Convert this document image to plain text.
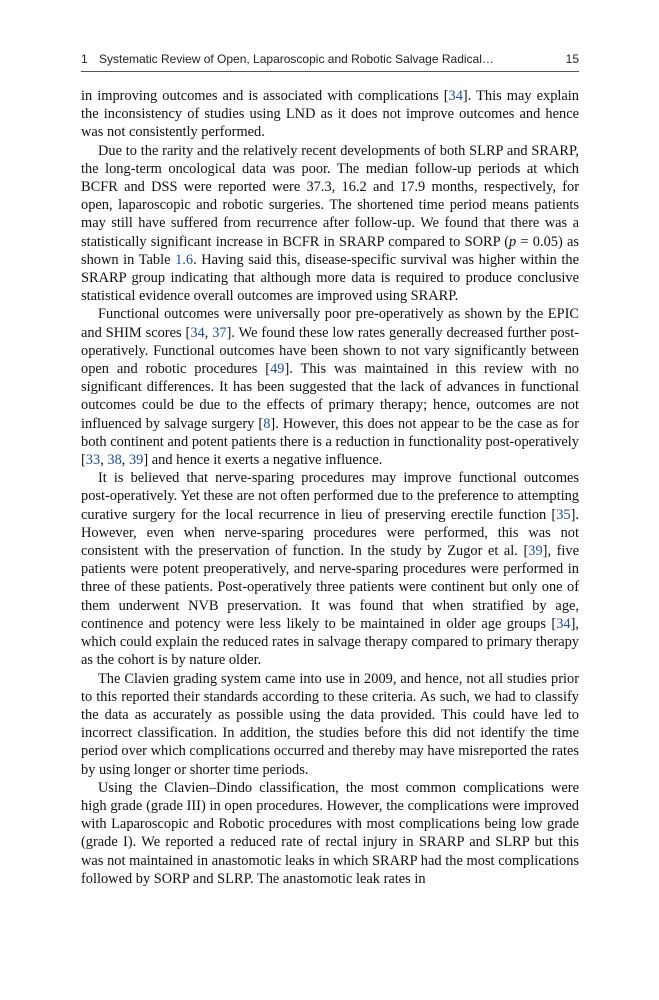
1 Systematic Review of Open, Laparoscopic and Robotic Salvage Radical…	15

in improving outcomes and is associated with complications [34]. This may explain the inconsistency of studies using LND as it does not improve outcomes and hence was not consistently performed.

Due to the rarity and the relatively recent developments of both SLRP and SRARP, the long-term oncological data was poor. The median follow-up periods at which BCFR and DSS were reported were 37.3, 16.2 and 17.9 months, respectively, for open, laparoscopic and robotic surgeries. The shortened time period means patients may still have suffered from recurrence after follow-up. We found that there was a statistically significant increase in BCFR in SRARP compared to SORP (p = 0.05) as shown in Table 1.6. Having said this, disease-specific survival was higher within the SRARP group indicating that although more data is required to produce conclusive statistical evidence overall outcomes are improved using SRARP.

Functional outcomes were universally poor pre-operatively as shown by the EPIC and SHIM scores [34, 37]. We found these low rates generally decreased further post-operatively. Functional outcomes have been shown to not vary significantly between open and robotic procedures [49]. This was maintained in this review with no significant differences. It has been suggested that the lack of advances in functional outcomes could be due to the effects of primary therapy; hence, outcomes are not influenced by salvage surgery [8]. However, this does not appear to be the case as for both continent and potent patients there is a reduction in functionality post-operatively [33, 38, 39] and hence it exerts a negative influence.

It is believed that nerve-sparing procedures may improve functional outcomes post-operatively. Yet these are not often performed due to the preference to attempting curative surgery for the local recurrence in lieu of preserving erectile function [35]. However, even when nerve-sparing procedures were performed, this was not consistent with the preservation of function. In the study by Zugor et al. [39], five patients were potent preoperatively, and nerve-sparing procedures were performed in three of these patients. Post-operatively three patients were continent but only one of them underwent NVB preservation. It was found that when stratified by age, continence and potency were less likely to be maintained in older age groups [34], which could explain the reduced rates in salvage therapy compared to primary therapy as the cohort is by nature older.

The Clavien grading system came into use in 2009, and hence, not all studies prior to this reported their standards according to these criteria. As such, we had to classify the data as accurately as possible using the data provided. This could have led to incorrect classification. In addition, the studies before this did not identify the time period over which complications occurred and thereby may have misreported the rates by using longer or shorter time periods.

Using the Clavien–Dindo classification, the most common complications were high grade (grade III) in open procedures. However, the complications were improved with Laparoscopic and Robotic procedures with most complications being low grade (grade I). We reported a reduced rate of rectal injury in SRARP and SLRP but this was not maintained in anastomotic leaks in which SRARP had the most complications followed by SORP and SLRP. The anastomotic leak rates in
